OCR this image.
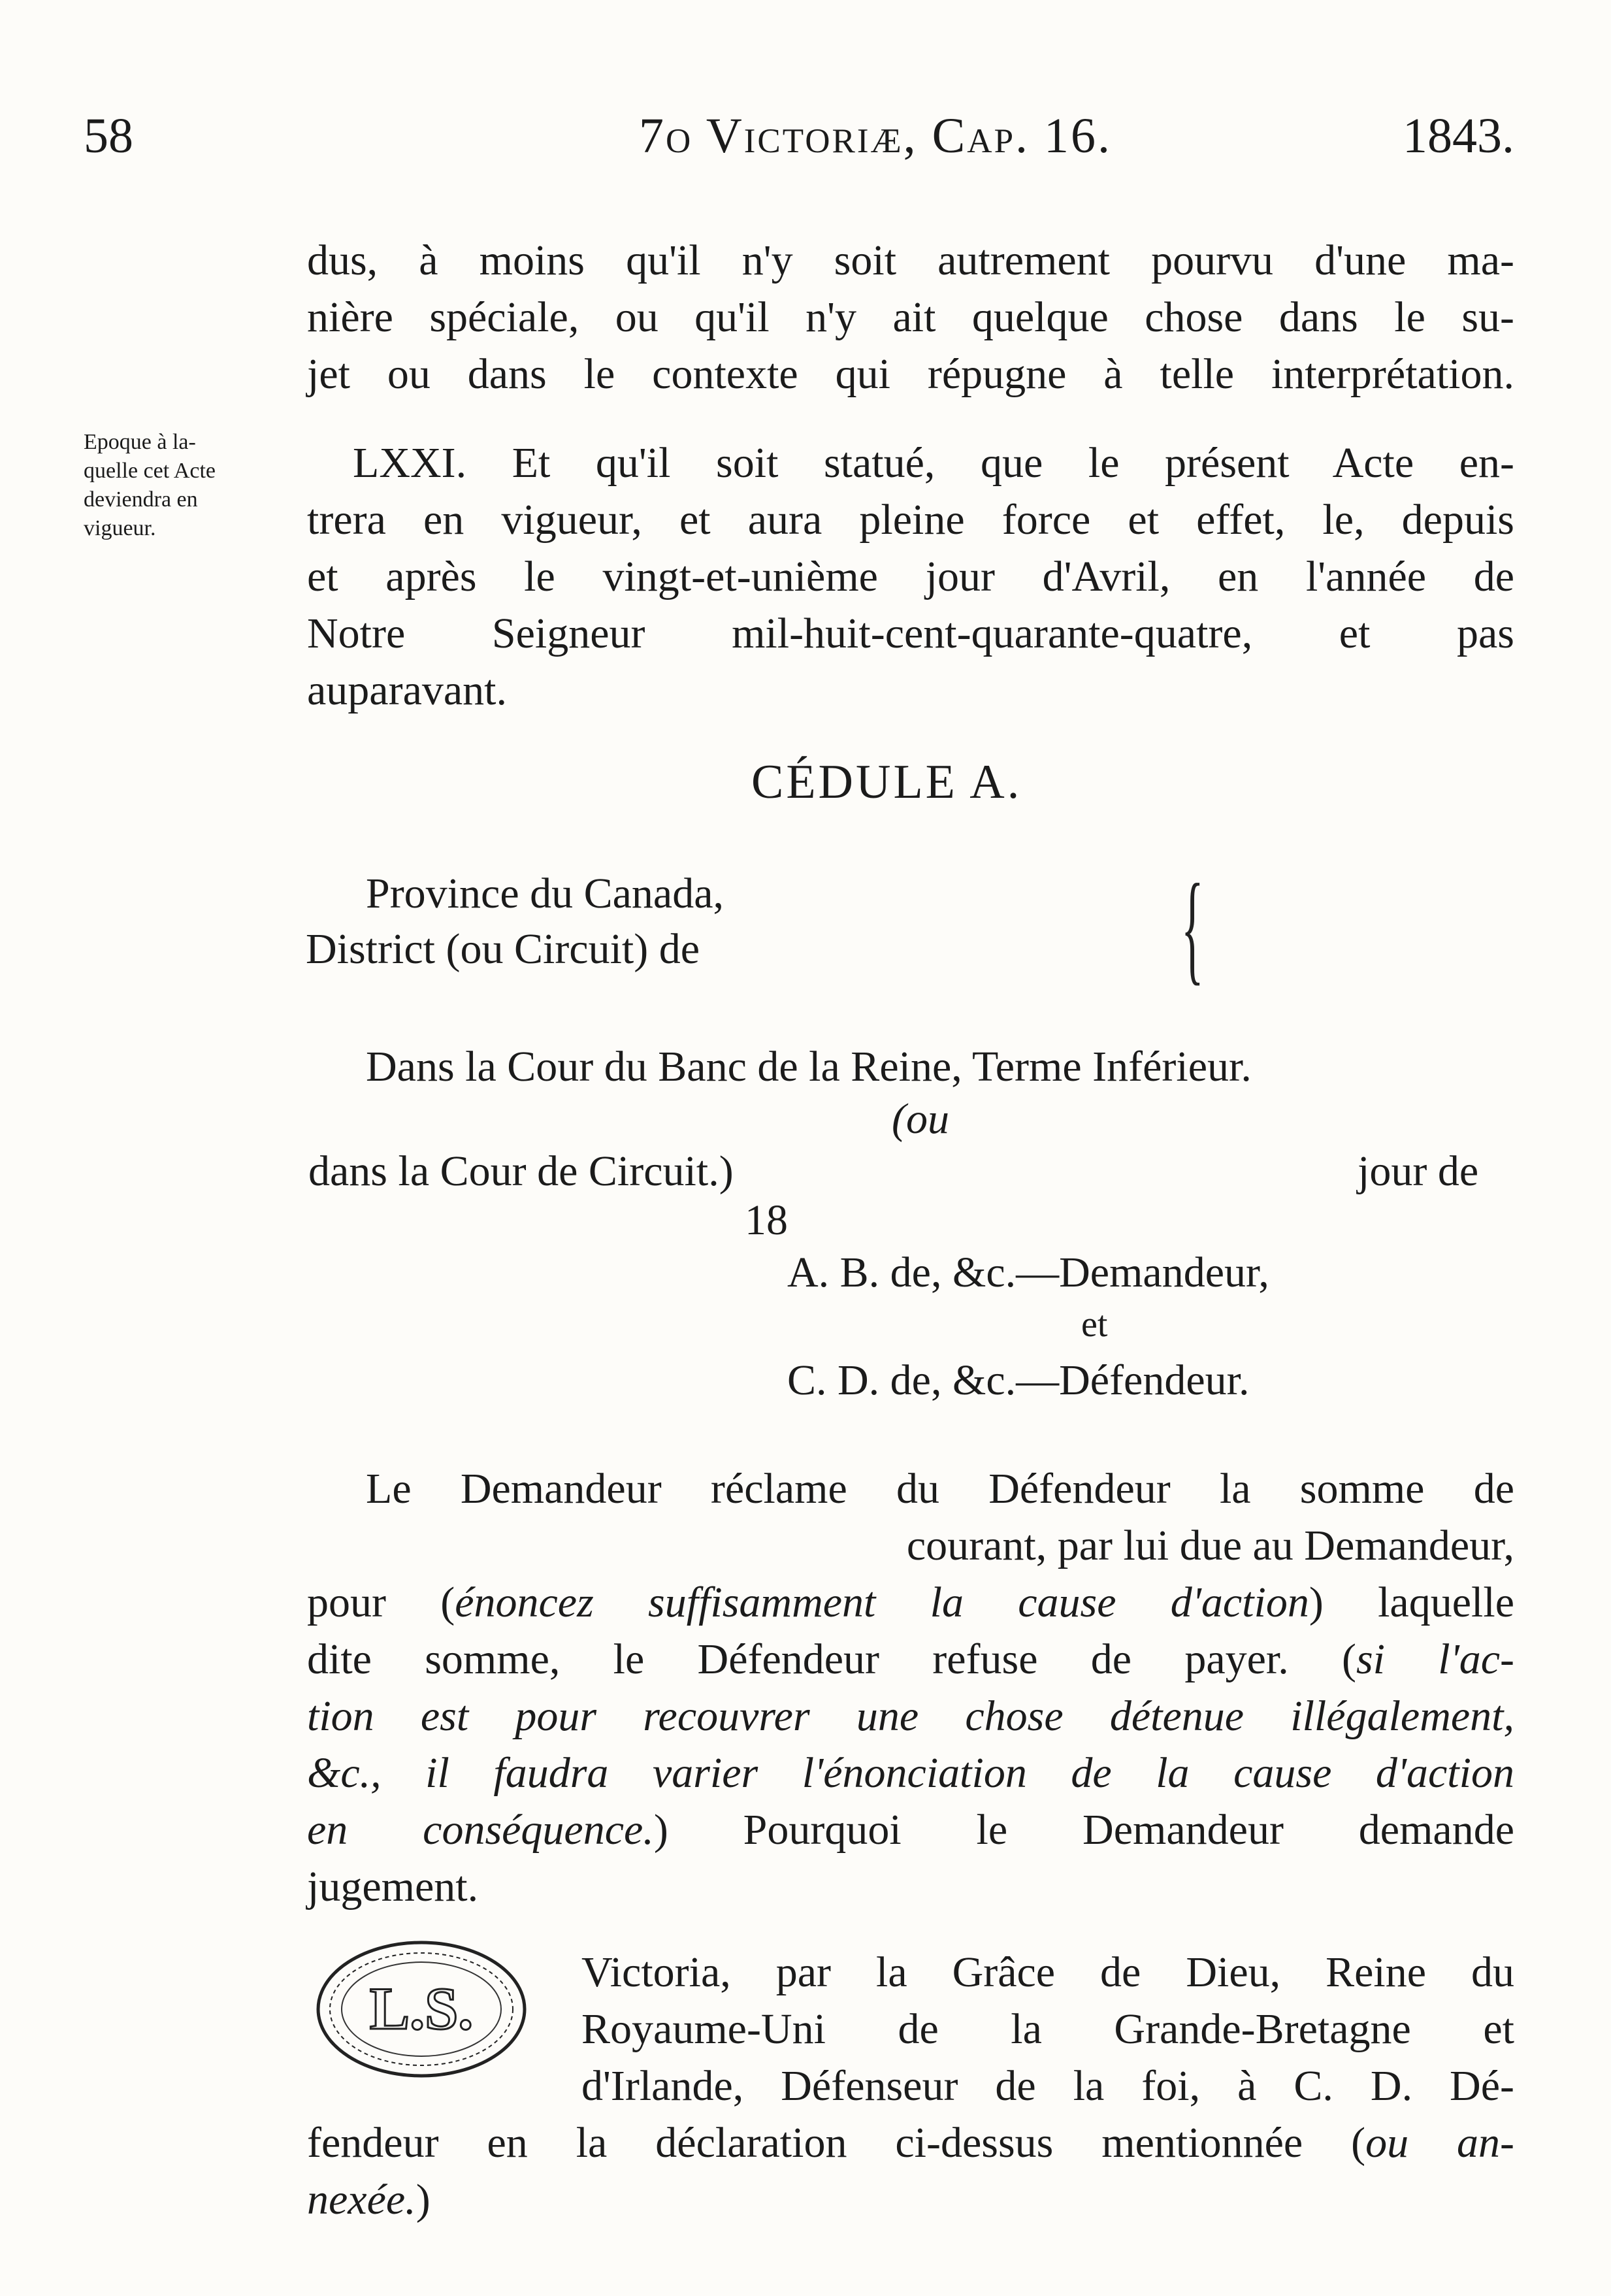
58	7o Victoriæ, Cap. 16.	1843.
dus, à moins qu'il n'y soit autrement pourvu d'une ma-
nière spéciale, ou qu'il n'y ait quelque chose dans le su-
jet ou dans le contexte qui répugne à telle interprétation.
Epoque à la-
quelle cet Acte
deviendra en
vigueur.
LXXI. Et qu'il soit statué, que le présent Acte en-
trera en vigueur, et aura pleine force et effet, le, depuis
et après le vingt-et-unième jour d'Avril, en l'année de
Notre Seigneur mil-huit-cent-quarante-quatre, et pas
auparavant.
CÉDULE A.
Province du Canada,
District (ou Circuit) de	{
Dans la Cour du Banc de la Reine, Terme Inférieur.
(ou
dans la Cour de Circuit.)	jour de
18
A. B. de, &c.—Demandeur,
et
C. D. de, &c.—Défendeur.
Le Demandeur réclame du Défendeur la somme de
courant, par lui due au Demandeur,
pour (énoncez suffisamment la cause d'action) laquelle
dite somme, le Défendeur refuse de payer. (si l'ac-
tion est pour recouvrer une chose détenue illégalement,
&c., il faudra varier l'énonciation de la cause d'action
en conséquence.) Pourquoi le Demandeur demande
jugement.
L.S.
Victoria, par la Grâce de Dieu, Reine du
Royaume-Uni de la Grande-Bretagne et
d'Irlande, Défenseur de la foi, à C. D. Dé-
fendeur en la déclaration ci-dessus mentionnée (ou an-
nexée.)
